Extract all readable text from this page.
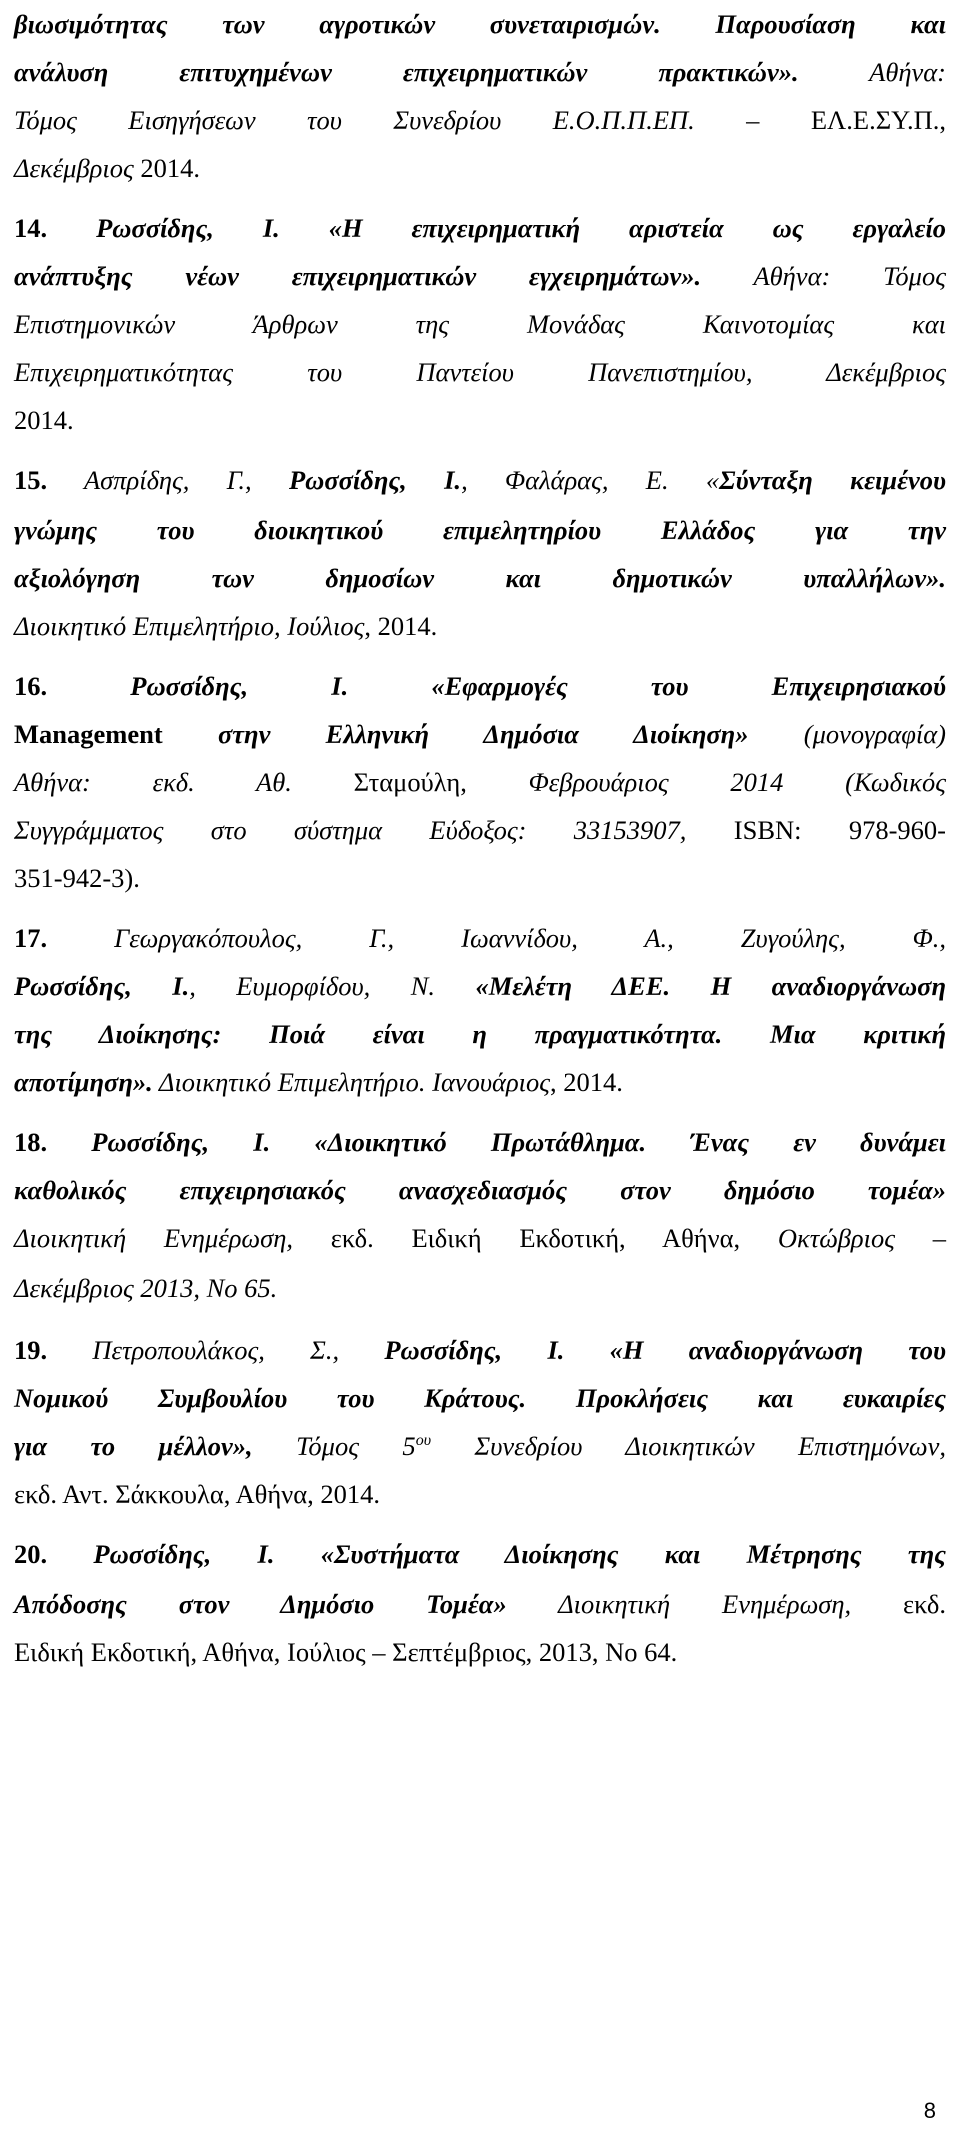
βιωσιμότητας των αγροτικών συνεταιρισμών. Παρουσίαση και
ανάλυση επιτυχημένων επιχειρηματικών πρακτικών». Αθήνα:
Τόμος Εισηγήσεων του Συνεδρίου Ε.Ο.Π.Π.ΕΠ. – ΕΛ.Ε.ΣΥ.Π.,
Δεκέμβριος 2014.
14. Ρωσσίδης, Ι. «Η επιχειρηματική αριστεία ως εργαλείο
ανάπτυξης νέων επιχειρηματικών εγχειρημάτων». Αθήνα: Τόμος
Επιστημονικών Άρθρων της Μονάδας Καινοτομίας και
Επιχειρηματικότητας του Παντείου Πανεπιστημίου, Δεκέμβριος
2014.
15. Ασπρίδης, Γ., Ρωσσίδης, Ι., Φαλάρας, Ε. «Σύνταξη κειμένου
γνώμης του διοικητικού επιμελητηρίου Ελλάδος για την
αξιολόγηση των δημοσίων και δημοτικών υπαλλήλων».
Διοικητικό Επιμελητήριο, Ιούλιος, 2014.
16. Ρωσσίδης, Ι. «Εφαρμογές του Επιχειρησιακού
Management στην Ελληνική Δημόσια Διοίκηση» (μονογραφία)
Αθήνα: εκδ. Αθ. Σταμούλη, Φεβρουάριος 2014 (Κωδικός
Συγγράμματος στο σύστημα Εύδοξος: 33153907, ISBN: 978-960-
351-942-3).
17. Γεωργακόπουλος, Γ., Ιωαννίδου, Α., Ζυγούλης, Φ.,
Ρωσσίδης, Ι., Ευμορφίδου, Ν. «Μελέτη ΔΕΕ. Η αναδιοργάνωση
της Διοίκησης: Ποιά είναι η πραγματικότητα. Μια κριτική
αποτίμηση». Διοικητικό Επιμελητήριο. Ιανουάριος, 2014.
18. Ρωσσίδης, Ι. «Διοικητικό Πρωτάθλημα. Ένας εν δυνάμει
καθολικός επιχειρησιακός ανασχεδιασμός στον δημόσιο τομέα»
Διοικητική Ενημέρωση, εκδ. Ειδική Εκδοτική, Αθήνα, Οκτώβριος –
Δεκέμβριος 2013, Νο 65.
19. Πετροπουλάκος, Σ., Ρωσσίδης, Ι. «Η αναδιοργάνωση του
Νομικού Συμβουλίου του Κράτους. Προκλήσεις και ευκαιρίες
για το μέλλον», Τόμος $5^{o\upsilon}$ Συνεδρίου Διοικητικών Επιστημόνων,
εκδ. Αντ. Σάκκουλα, Αθήνα, 2014.
20. Ρωσσίδης, Ι. «Συστήματα Διοίκησης και Μέτρησης της
Απόδοσης στον Δημόσιο Τομέα» Διοικητική Ενημέρωση, εκδ.
Ειδική Εκδοτική, Αθήνα, Ιούλιος – Σεπτέμβριος, 2013, Νο 64.
8
